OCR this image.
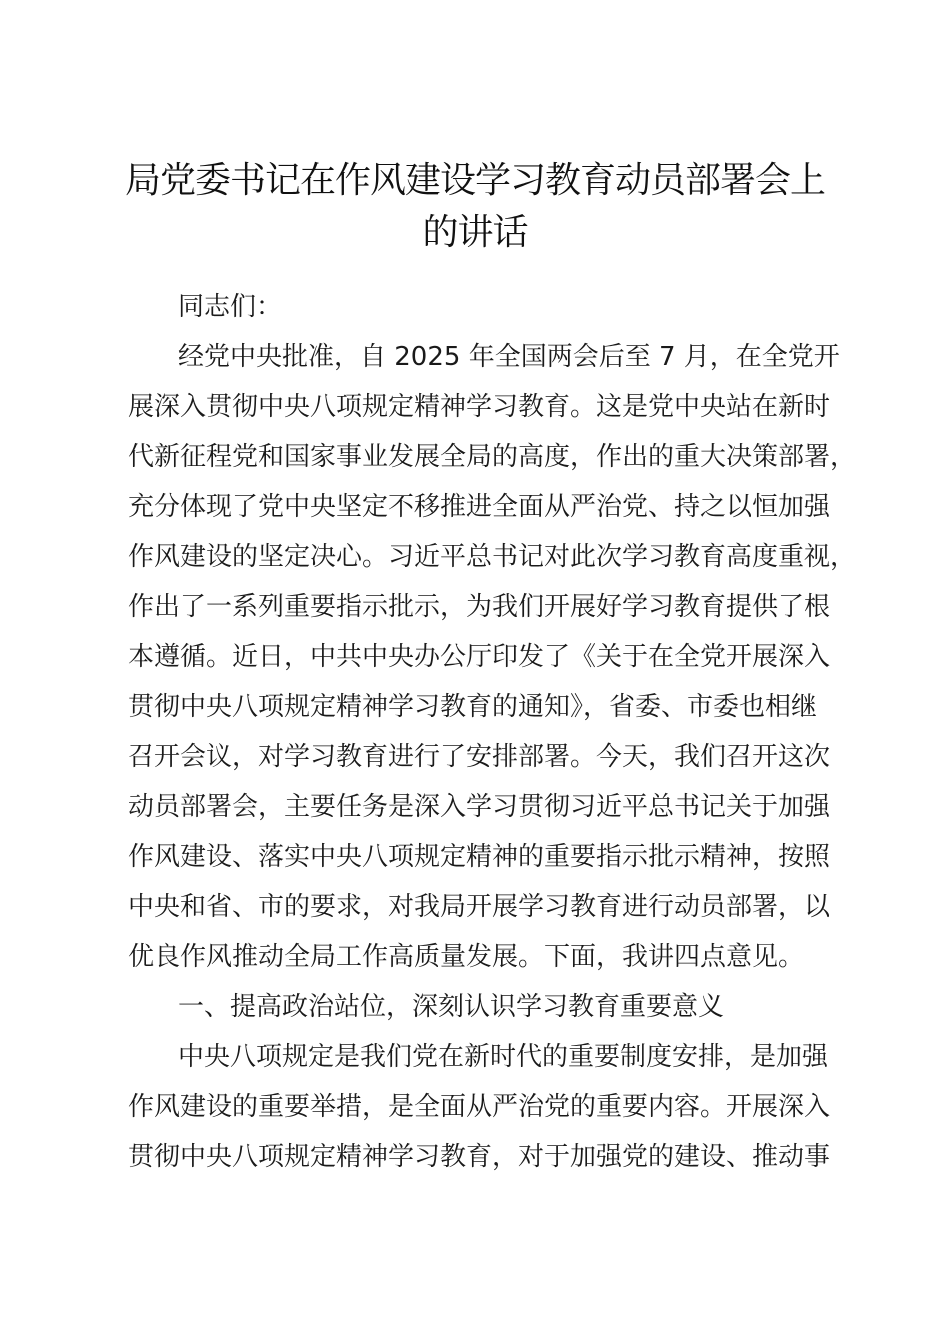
局党委书记在作风建设学习教育动员部署会上
的讲话
同志们：
经党中央批准，自 2025 年全国两会后至 7 月，在全党开
展深入贯彻中央八项规定精神学习教育。这是党中央站在新时
代新征程党和国家事业发展全局的高度，作出的重大决策部署，
充分体现了党中央坚定不移推进全面从严治党、持之以恒加强
作风建设的坚定决心。习近平总书记对此次学习教育高度重视，
作出了一系列重要指示批示，为我们开展好学习教育提供了根
本遵循。近日，中共中央办公厅印发了《关于在全党开展深入
贯彻中央八项规定精神学习教育的通知》，省委、市委也相继
召开会议，对学习教育进行了安排部署。今天，我们召开这次
动员部署会，主要任务是深入学习贯彻习近平总书记关于加强
作风建设、落实中央八项规定精神的重要指示批示精神，按照
中央和省、市的要求，对我局开展学习教育进行动员部署，以
优良作风推动全局工作高质量发展。下面，我讲四点意见。
一、提高政治站位，深刻认识学习教育重要意义
中央八项规定是我们党在新时代的重要制度安排，是加强
作风建设的重要举措，是全面从严治党的重要内容。开展深入
贯彻中央八项规定精神学习教育，对于加强党的建设、推动事
